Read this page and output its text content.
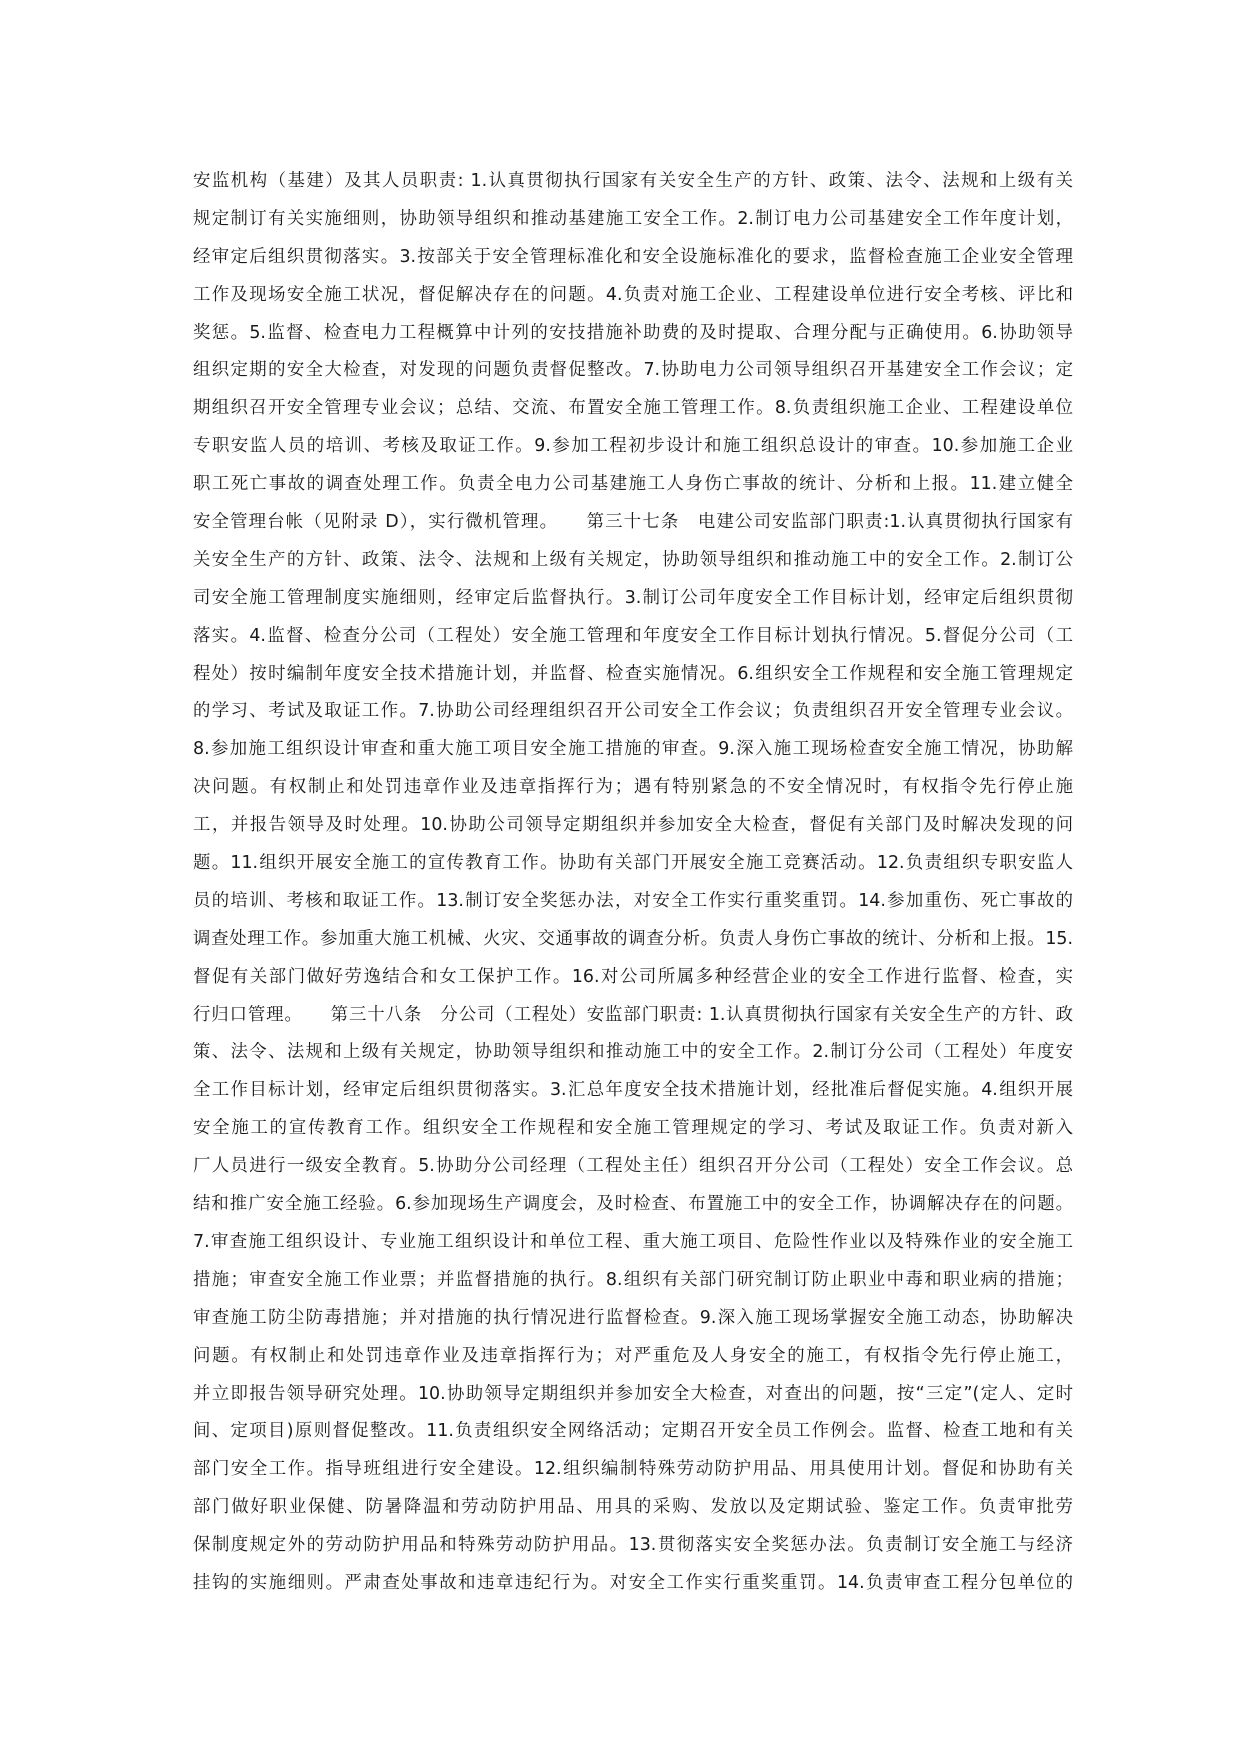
安监机构（基建）及其人员职责: 1.认真贯彻执行国家有关安全生产的方针、政策、法令、法规和上级有关
规定制订有关实施细则，协助领导组织和推动基建施工安全工作。2.制订电力公司基建安全工作年度计划，
经审定后组织贯彻落实。3.按部关于安全管理标准化和安全设施标准化的要求，监督检查施工企业安全管理
工作及现场安全施工状况，督促解决存在的问题。4.负责对施工企业、工程建设单位进行安全考核、评比和
奖惩。5.监督、检查电力工程概算中计列的安技措施补助费的及时提取、合理分配与正确使用。6.协助领导
组织定期的安全大检查，对发现的问题负责督促整改。7.协助电力公司领导组织召开基建安全工作会议；定
期组织召开安全管理专业会议；总结、交流、布置安全施工管理工作。8.负责组织施工企业、工程建设单位
专职安监人员的培训、考核及取证工作。9.参加工程初步设计和施工组织总设计的审查。10.参加施工企业
职工死亡事故的调查处理工作。负责全电力公司基建施工人身伤亡事故的统计、分析和上报。11.建立健全
安全管理台帐（见附录 D），实行微机管理。　　第三十七条　电建公司安监部门职责:1.认真贯彻执行国家有
关安全生产的方针、政策、法令、法规和上级有关规定，协助领导组织和推动施工中的安全工作。2.制订公
司安全施工管理制度实施细则，经审定后监督执行。3.制订公司年度安全工作目标计划，经审定后组织贯彻
落实。4.监督、检查分公司（工程处）安全施工管理和年度安全工作目标计划执行情况。5.督促分公司（工
程处）按时编制年度安全技术措施计划，并监督、检查实施情况。6.组织安全工作规程和安全施工管理规定
的学习、考试及取证工作。7.协助公司经理组织召开公司安全工作会议；负责组织召开安全管理专业会议。
8.参加施工组织设计审查和重大施工项目安全施工措施的审查。9.深入施工现场检查安全施工情况，协助解
决问题。有权制止和处罚违章作业及违章指挥行为；遇有特别紧急的不安全情况时，有权指令先行停止施
工，并报告领导及时处理。10.协助公司领导定期组织并参加安全大检查，督促有关部门及时解决发现的问
题。11.组织开展安全施工的宣传教育工作。协助有关部门开展安全施工竞赛活动。12.负责组织专职安监人
员的培训、考核和取证工作。13.制订安全奖惩办法，对安全工作实行重奖重罚。14.参加重伤、死亡事故的
调查处理工作。参加重大施工机械、火灾、交通事故的调查分析。负责人身伤亡事故的统计、分析和上报。15.
督促有关部门做好劳逸结合和女工保护工作。16.对公司所属多种经营企业的安全工作进行监督、检查，实
行归口管理。　　第三十八条　分公司（工程处）安监部门职责: 1.认真贯彻执行国家有关安全生产的方针、政
策、法令、法规和上级有关规定，协助领导组织和推动施工中的安全工作。2.制订分公司（工程处）年度安
全工作目标计划，经审定后组织贯彻落实。3.汇总年度安全技术措施计划，经批准后督促实施。4.组织开展
安全施工的宣传教育工作。组织安全工作规程和安全施工管理规定的学习、考试及取证工作。负责对新入
厂人员进行一级安全教育。5.协助分公司经理（工程处主任）组织召开分公司（工程处）安全工作会议。总
结和推广安全施工经验。6.参加现场生产调度会，及时检查、布置施工中的安全工作，协调解决存在的问题。
7.审查施工组织设计、专业施工组织设计和单位工程、重大施工项目、危险性作业以及特殊作业的安全施工
措施；审查安全施工作业票；并监督措施的执行。8.组织有关部门研究制订防止职业中毒和职业病的措施；
审查施工防尘防毒措施；并对措施的执行情况进行监督检查。9.深入施工现场掌握安全施工动态，协助解决
问题。有权制止和处罚违章作业及违章指挥行为；对严重危及人身安全的施工，有权指令先行停止施工，
并立即报告领导研究处理。10.协助领导定期组织并参加安全大检查，对查出的问题，按“三定”(定人、定时
间、定项目)原则督促整改。11.负责组织安全网络活动；定期召开安全员工作例会。监督、检查工地和有关
部门安全工作。指导班组进行安全建设。12.组织编制特殊劳动防护用品、用具使用计划。督促和协助有关
部门做好职业保健、防暑降温和劳动防护用品、用具的采购、发放以及定期试验、鉴定工作。负责审批劳
保制度规定外的劳动防护用品和特殊劳动防护用品。13.贯彻落实安全奖惩办法。负责制订安全施工与经济
挂钩的实施细则。严肃查处事故和违章违纪行为。对安全工作实行重奖重罚。14.负责审查工程分包单位的
